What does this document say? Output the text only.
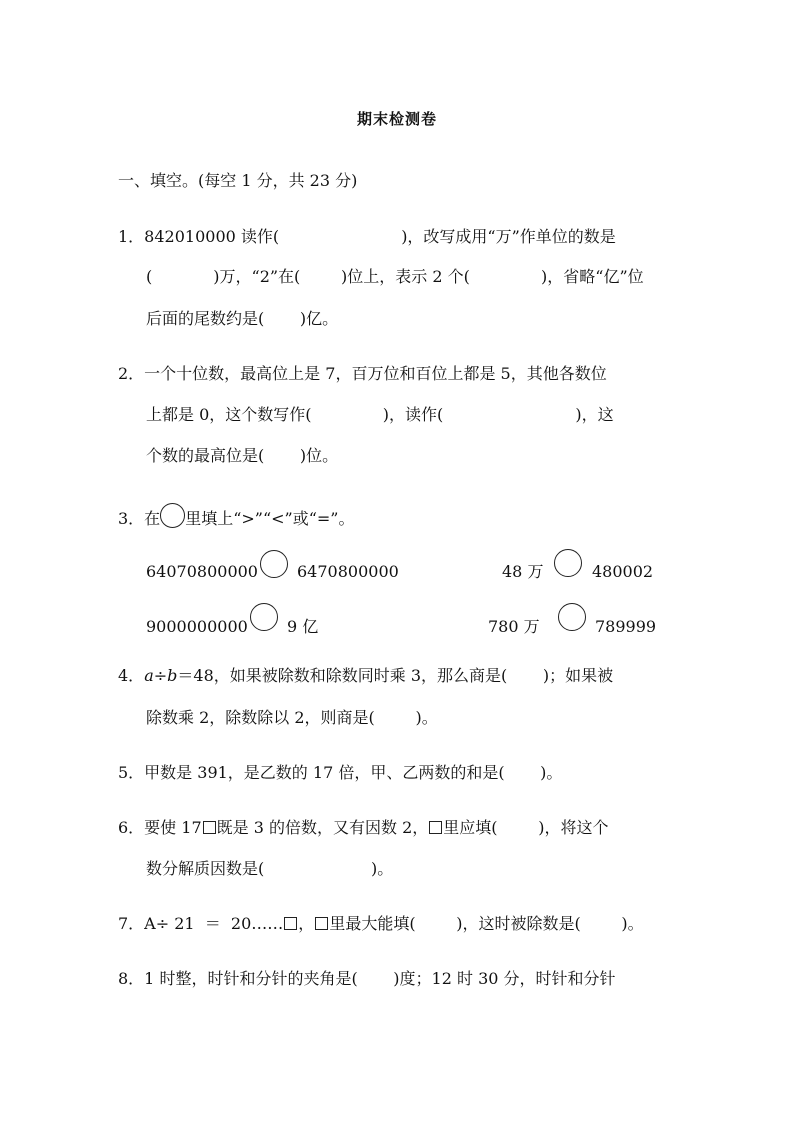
期末检测卷
一、填空。(每空 1 分，共 23 分)
1．842010000 读作(                        )，改写成用“万”作单位的数是
(            )万，“2”在(        )位上，表示 2 个(              )，省略“亿”位
后面的尾数约是(       )亿。
2．一个十位数，最高位上是 7，百万位和百位上都是 5，其他各数位
上都是 0，这个数写作(              )，读作(                          )，这
个数的最高位是(       )位。
3．在 里填上“>”“<”或“=”。
64070800000 6470800000	48 万	480002
9000000000 9 亿	780 万	789999
4．a÷b＝48，如果被除数和除数同时乘 3，那么商是(       )；如果被
除数乘 2，除数除以 2，则商是(        )。
5．甲数是 391，是乙数的 17 倍，甲、乙两数的和是(       )。
6．要使 17 既是 3 的倍数，又有因数 2， 里应填(        )，将这个
数分解质因数是(                     )。
7．A÷ 21  ＝  20…… ， 里最大能填(        )，这时被除数是(        )。
8．1 时整，时针和分针的夹角是(       )度；12 时 30 分，时针和分针
